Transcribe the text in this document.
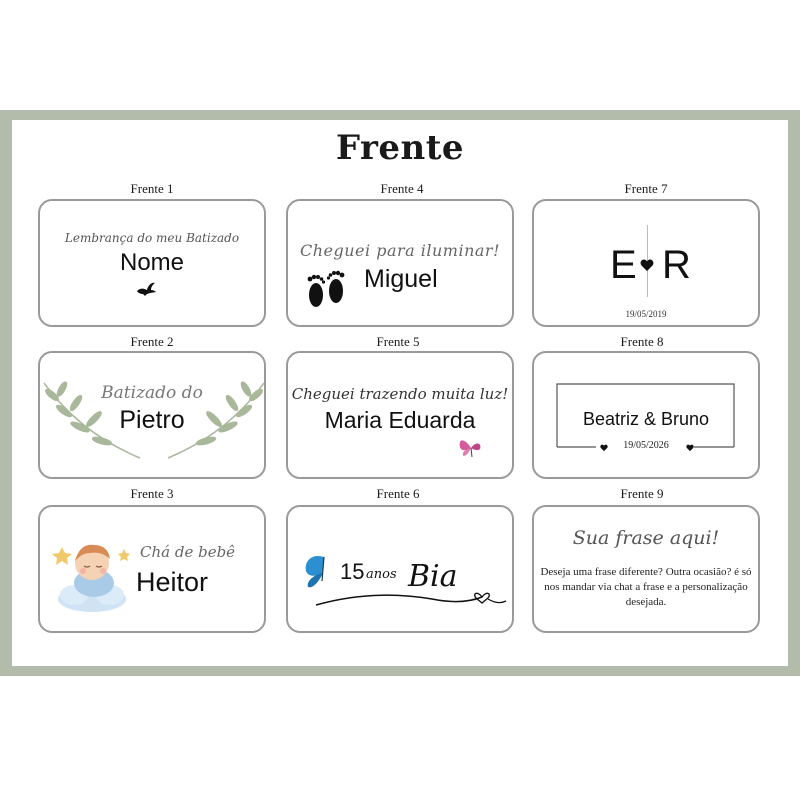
Frente
Frente 1
Lembrança do meu Batizado
Nome
Frente 2
Batizado do
Pietro
Frente 3
Chá de bebê
Heitor
Frente 4
Cheguei para iluminar!
Miguel
Frente 5
Cheguei trazendo muita luz!
Maria Eduarda
Frente 6
15 anos Bia
Frente 7
E R
19/05/2019
Frente 8
Beatriz & Bruno
19/05/2026
Frente 9
Sua frase aqui!
Deseja uma frase diferente? Outra ocasião? é só nos mandar via chat a frase e a personalização desejada.
